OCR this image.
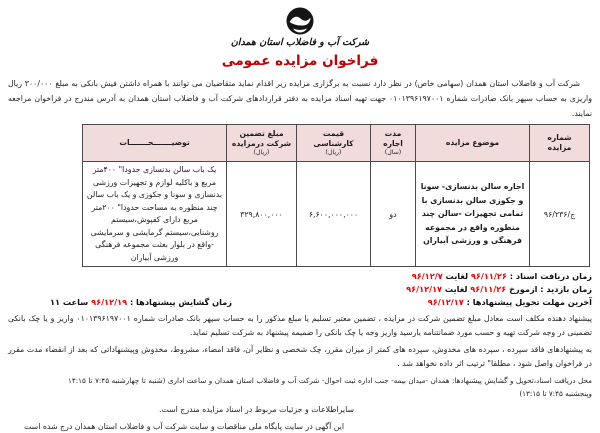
شرکت آب و فاضلاب استان همدان
فراخوان مزایده عمومی

شرکت آب و فاضلاب استان همدان (سهامی خاص) در نظر دارد نسبت به برگزاری مزایده زیر اقدام نماید متقاضیان می توانند با همراه داشتن فیش بانکی به مبلغ ۳۰۰/۰۰۰ ریال واریزی به حساب سپهر بانک صادرات شماره ۰۱۰۱۳۹۶۱۹۷۰۰۱ جهت تهیه اسناد مزایده به دفتر قراردادهای شرکت آب و فاضلاب استان همدان به آدرس مندرج در فراخوان مراجعه نمایند.

شماره
مزایده	موضوع مزایده	مدت
اجاره
(سال)	قیمت
کارشناسی
(ریال)	مبلغ تضمین
شرکت درمزایده
(ریال)	توضیـــــــحـــــــات

ج/۹۶/۲۳۶	اجاره سالن بدنسازی- سونا و جکوزی سالن بدنسازی با تمامی تجهیزات -سالن چند منظوره واقع در مجموعه فرهنگی و ورزشی آبیاران	دو	۶,۶۰۰,۰۰۰,۰۰۰	۳۲۹,۸۰۰,۰۰۰	یک باب سالن بدنسازی حدودا" ۴۰۰متر مربع و باکلیه لوازم و تجهیزات ورزشی بدنسازی و سونا و جکوزی و یک باب سالن چند منظوره به مساحت حدودا" ۲۰۰متر مربع دارای کفپوش،سیستم روشنایی،سیستم گرمایشی و سرمایشی -واقع در بلوار بعثت مجموعه فرهنگی ورزشی آبیاران
زمان دریافت اسناد : ۹۶/۱۱/۲۶ لغایت ۹۶/۱۲/۷
زمان بازدید : ازمورخ ۹۶/۱۱/۲۶ لغایت ۹۶/۱۲/۱۷
آخرین مهلت تحویل پیشنهادها : ۹۶/۱۲/۱۷
زمان گشایش پیشنهادها : ۹۶/۱۲/۱۹ ساعت ۱۱

پیشنهاد دهنده مکلف است معادل مبلغ تضمین شرکت در مزایده ، تضمین معتبر تسلیم یا مبلغ مذکور را به حساب سپهر بانک صادرات شماره ۰۱۰۱۳۹۶۱۹۷۰۰۱ واریز و یا چک بانکی تضمینی در وجه شرکت تهیه و حسب مورد ضمانتنامه یارسید واریز وجه یا چک بانکی را ضمیمه پیشنهاد به شرکت تسلیم نماید.

به پیشنهادهای فاقد سپرده ، سپرده های مخدوش، سپرده های کمتر از میزان مقرر، چک شخصی و نظایر آن، فاقد امضاء، مشروط، مخدوش وپیشنهاداتی که بعد از انقضاء مدت مقرر در فراخوان واصل شود ، مطلقا" ترتیب اثر داده نخواهد شد .

محل دریافت اسناد،تحویل و گشایش پیشنهادها: همدان -میدان بیمه- جنب اداره ثبت احوال- شرکت آب و فاضلاب استان همدان و ساعت اداری (شنبه تا چهارشنبه ۷:۴۵ تا ۱۴:۱۵ وپنجشنبه ۷:۴۵ تا ۱۳:۱۵)
سایراطلاعات و جزئیات مربوط در اسناد مزایده مندرج است.
این آگهی در سایت پایگاه ملی مناقصات و سایت شرکت آب و فاضلاب استان همدان درج شده است
